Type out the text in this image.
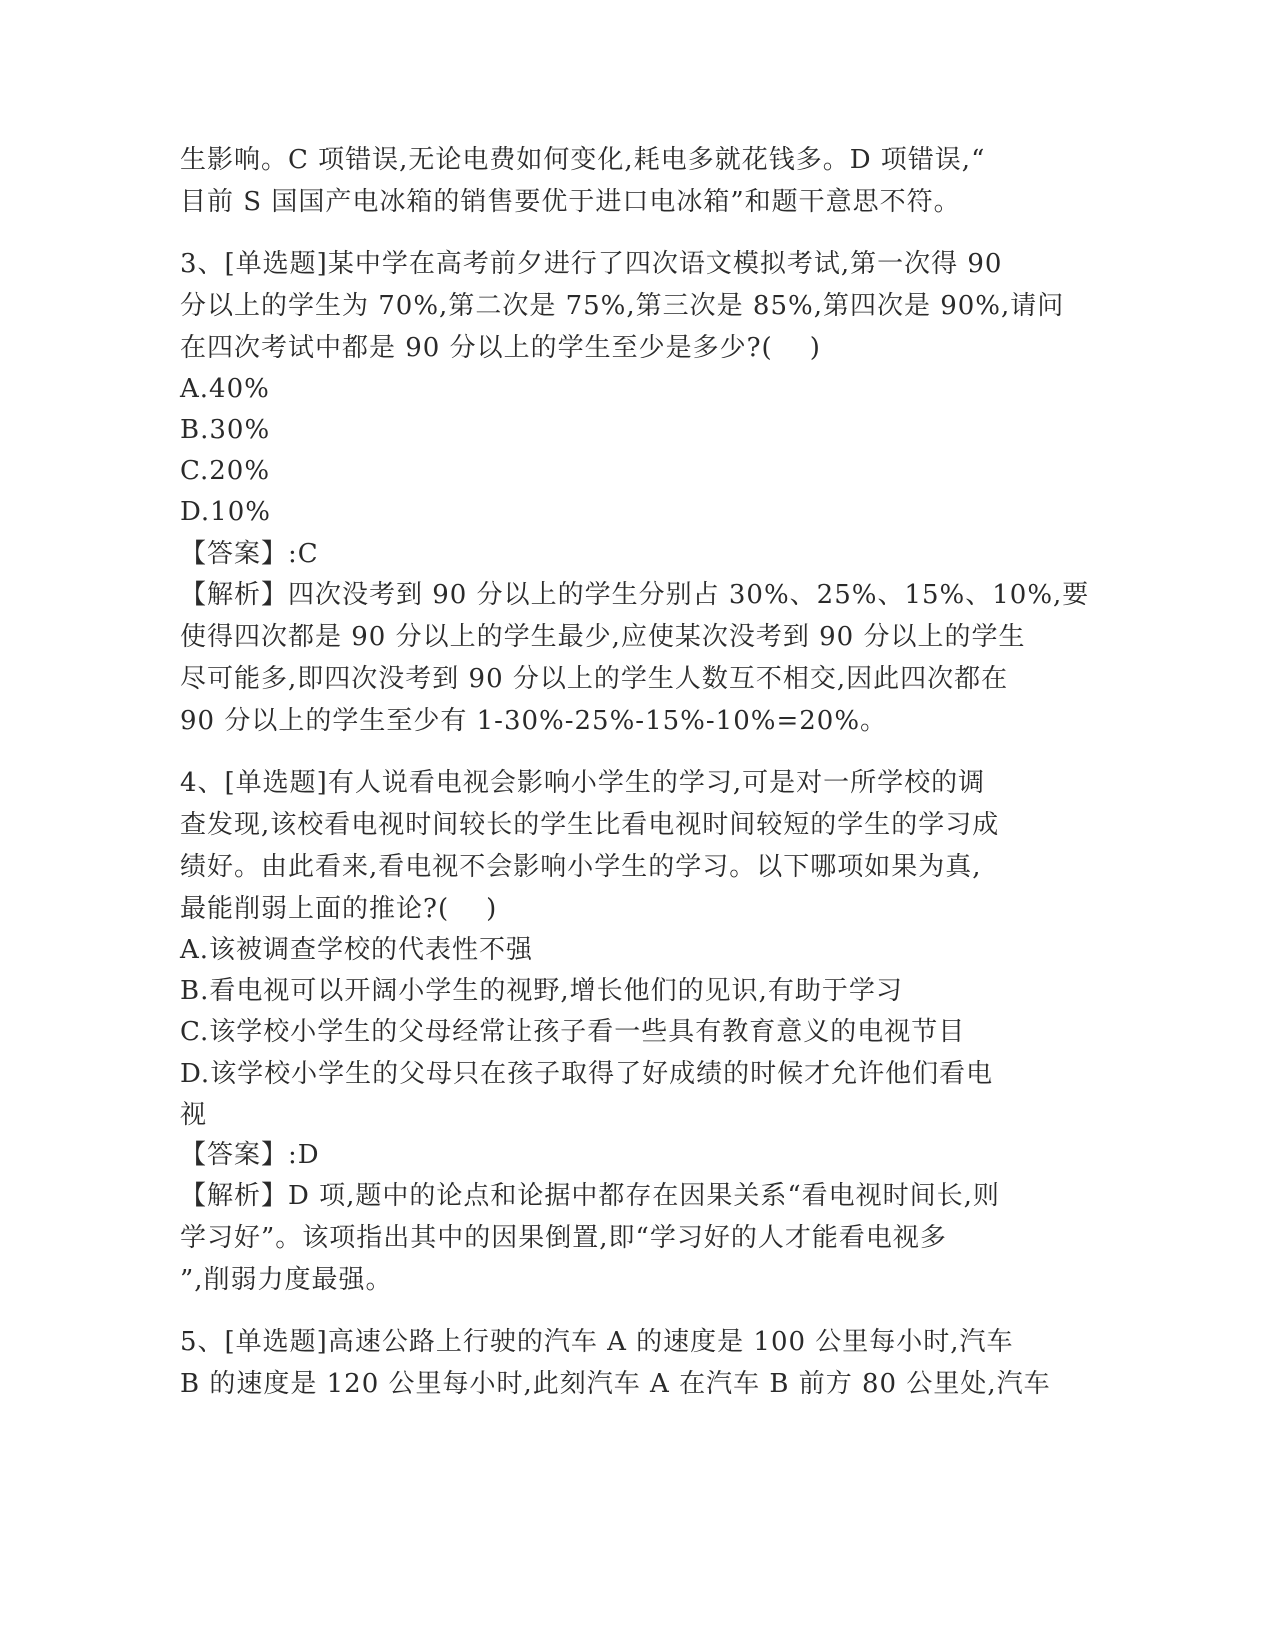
生影响。C 项错误,无论电费如何变化,耗电多就花钱多。D 项错误,“
目前 S 国国产电冰箱的销售要优于进口电冰箱”和题干意思不符。
3、[单选题]某中学在高考前夕进行了四次语文模拟考试,第一次得 90
分以上的学生为 70%,第二次是 75%,第三次是 85%,第四次是 90%,请问
在四次考试中都是 90 分以上的学生至少是多少?(    )
A.40%
B.30%
C.20%
D.10%
【答案】:C
【解析】四次没考到 90 分以上的学生分别占 30%、25%、15%、10%,要
使得四次都是 90 分以上的学生最少,应使某次没考到 90 分以上的学生
尽可能多,即四次没考到 90 分以上的学生人数互不相交,因此四次都在
90 分以上的学生至少有 1-30%-25%-15%-10%=20%。
4、[单选题]有人说看电视会影响小学生的学习,可是对一所学校的调
查发现,该校看电视时间较长的学生比看电视时间较短的学生的学习成
绩好。由此看来,看电视不会影响小学生的学习。以下哪项如果为真,
最能削弱上面的推论?(    )
A.该被调查学校的代表性不强
B.看电视可以开阔小学生的视野,增长他们的见识,有助于学习
C.该学校小学生的父母经常让孩子看一些具有教育意义的电视节目
D.该学校小学生的父母只在孩子取得了好成绩的时候才允许他们看电
视
【答案】:D
【解析】D 项,题中的论点和论据中都存在因果关系“看电视时间长,则
学习好”。该项指出其中的因果倒置,即“学习好的人才能看电视多
”,削弱力度最强。
5、[单选题]高速公路上行驶的汽车 A 的速度是 100 公里每小时,汽车
B 的速度是 120 公里每小时,此刻汽车 A 在汽车 B 前方 80 公里处,汽车
